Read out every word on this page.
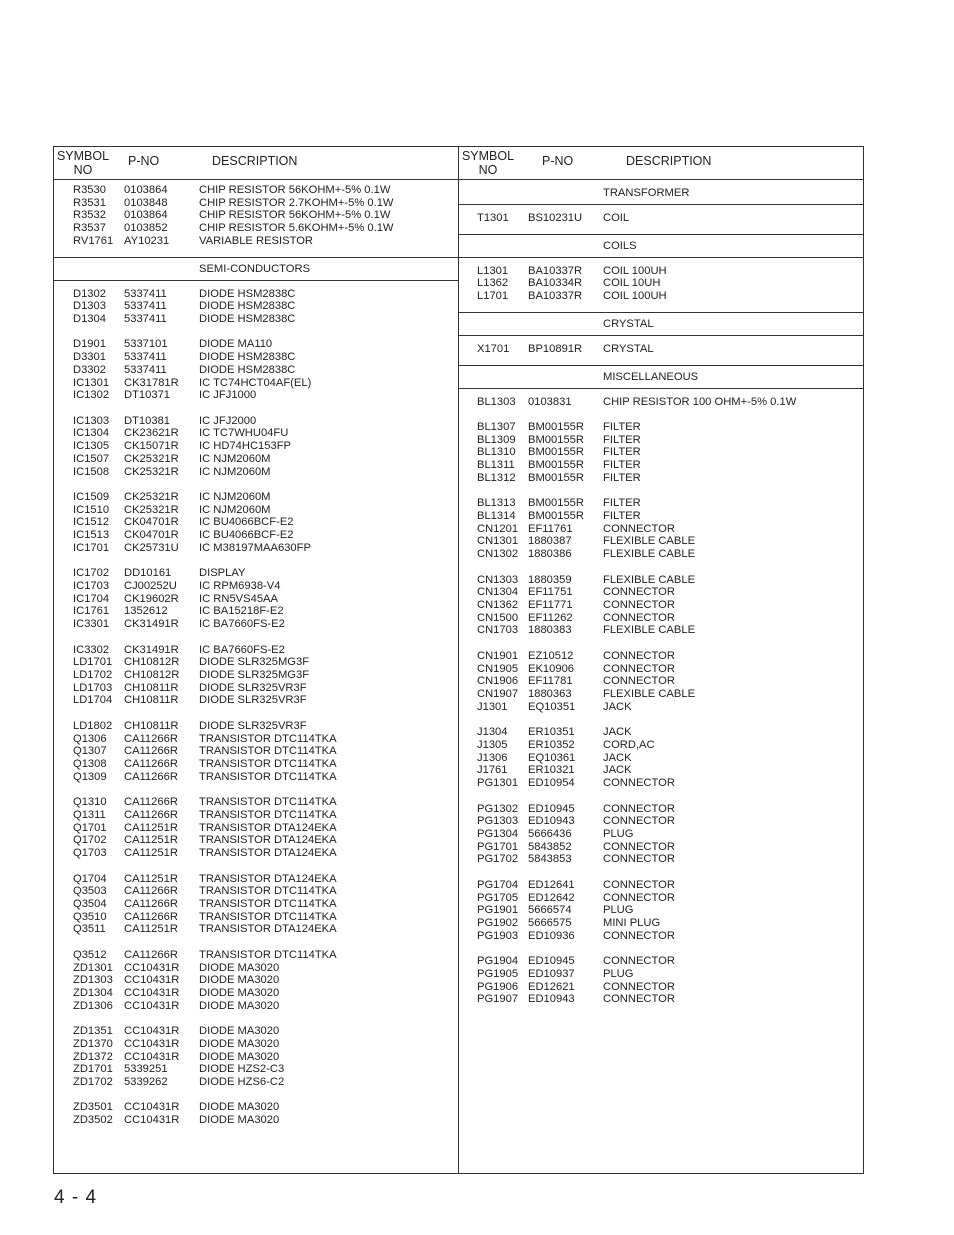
SYMBOL
NO
P-NO	DESCRIPTION	SYMBOL
NO
P-NO	DESCRIPTION
R3530 0103864	CHIP RESISTOR 56KOHM+-5% 0.1W
R3531 0103848	CHIP RESISTOR 2.7KOHM+-5% 0.1W
R3532 0103864	CHIP RESISTOR 56KOHM+-5% 0.1W
R3537 0103852	CHIP RESISTOR 5.6KOHM+-5% 0.1W
RV1761 AY10231	VARIABLE RESISTOR
SEMI-CONDUCTORS
D1302 5337411	DIODE HSM2838C
D1303 5337411	DIODE HSM2838C
D1304 5337411	DIODE HSM2838C
D1901 5337101	DIODE MA110
D3301 5337411	DIODE HSM2838C
D3302 5337411	DIODE HSM2838C
IC1301 CK31781R IC TC74HCT04AF(EL)
IC1302 DT10371	IC JFJ1000
IC1303 DT10381	IC JFJ2000
IC1304 CK23621R IC TC7WHU04FU
IC1305 CK15071R IC HD74HC153FP
IC1507 CK25321R IC NJM2060M
IC1508 CK25321R IC NJM2060M
IC1509 CK25321R IC NJM2060M
IC1510 CK25321R IC NJM2060M
IC1512 CK04701R IC BU4066BCF-E2
IC1513 CK04701R IC BU4066BCF-E2
IC1701 CK25731U IC M38197MAA630FP
IC1702 DD10161 DISPLAY
IC1703 CJ00252U IC RPM6938-V4
IC1704 CK19602R IC RN5VS45AA
IC1761 1352612	IC BA15218F-E2
IC3301 CK31491R IC BA7660FS-E2
IC3302 CK31491R IC BA7660FS-E2
LD1701 CH10812R DIODE SLR325MG3F
LD1702 CH10812R DIODE SLR325MG3F
LD1703 CH10811R DIODE SLR325VR3F
LD1704 CH10811R DIODE SLR325VR3F
LD1802 CH10811R DIODE SLR325VR3F
Q1306 CA11266R TRANSISTOR DTC114TKA
Q1307 CA11266R TRANSISTOR DTC114TKA
Q1308 CA11266R TRANSISTOR DTC114TKA
Q1309 CA11266R TRANSISTOR DTC114TKA
Q1310 CA11266R TRANSISTOR DTC114TKA
Q1311 CA11266R TRANSISTOR DTC114TKA
Q1701 CA11251R TRANSISTOR DTA124EKA
Q1702 CA11251R TRANSISTOR DTA124EKA
Q1703 CA11251R TRANSISTOR DTA124EKA
Q1704 CA11251R TRANSISTOR DTA124EKA
Q3503 CA11266R TRANSISTOR DTC114TKA
Q3504 CA11266R TRANSISTOR DTC114TKA
Q3510 CA11266R TRANSISTOR DTC114TKA
Q3511 CA11251R TRANSISTOR DTA124EKA
Q3512 CA11266R TRANSISTOR DTC114TKA
ZD1301 CC10431R DIODE MA3020
ZD1303 CC10431R DIODE MA3020
ZD1304 CC10431R DIODE MA3020
ZD1306 CC10431R DIODE MA3020
ZD1351 CC10431R DIODE MA3020
ZD1370 CC10431R DIODE MA3020
ZD1372 CC10431R DIODE MA3020
ZD1701 5339251	DIODE HZS2-C3
ZD1702 5339262	DIODE HZS6-C2
ZD3501 CC10431R DIODE MA3020
ZD3502 CC10431R DIODE MA3020
TRANSFORMER
T1301 BS10231U COIL
COILS
L1301 BA10337R COIL 100UH
L1362 BA10334R COIL 10UH
L1701 BA10337R COIL 100UH
CRYSTAL
X1701 BP10891R CRYSTAL
MISCELLANEOUS
BL1303 0103831	CHIP RESISTOR 100 OHM+-5% 0.1W
BL1307 BM00155R FILTER
BL1309 BM00155R FILTER
BL1310 BM00155R FILTER
BL1311 BM00155R FILTER
BL1312 BM00155R FILTER
BL1313 BM00155R FILTER
BL1314 BM00155R FILTER
CN1201 EF11761	CONNECTOR
CN1301 1880387	FLEXIBLE CABLE
CN1302 1880386	FLEXIBLE CABLE
CN1303 1880359	FLEXIBLE CABLE
CN1304 EF11751	CONNECTOR
CN1362 EF11771	CONNECTOR
CN1500 EF11262	CONNECTOR
CN1703 1880383	FLEXIBLE CABLE
CN1901 EZ10512	CONNECTOR
CN1905 EK10906	CONNECTOR
CN1906 EF11781	CONNECTOR
CN1907 1880363	FLEXIBLE CABLE
J1301 EQ10351 JACK
J1304 ER10351	JACK
J1305 ER10352	CORD,AC
J1306 EQ10361 JACK
J1761 ER10321	JACK
PG1301 ED10954	CONNECTOR
PG1302 ED10945	CONNECTOR
PG1303 ED10943	CONNECTOR
PG1304 5666436	PLUG
PG1701 5843852	CONNECTOR
PG1702 5843853	CONNECTOR
PG1704 ED12641	CONNECTOR
PG1705 ED12642	CONNECTOR
PG1901 5666574	PLUG
PG1902 5666575	MINI PLUG
PG1903 ED10936	CONNECTOR
PG1904 ED10945	CONNECTOR
PG1905 ED10937	PLUG
PG1906 ED12621	CONNECTOR
PG1907 ED10943	CONNECTOR
4 - 4
